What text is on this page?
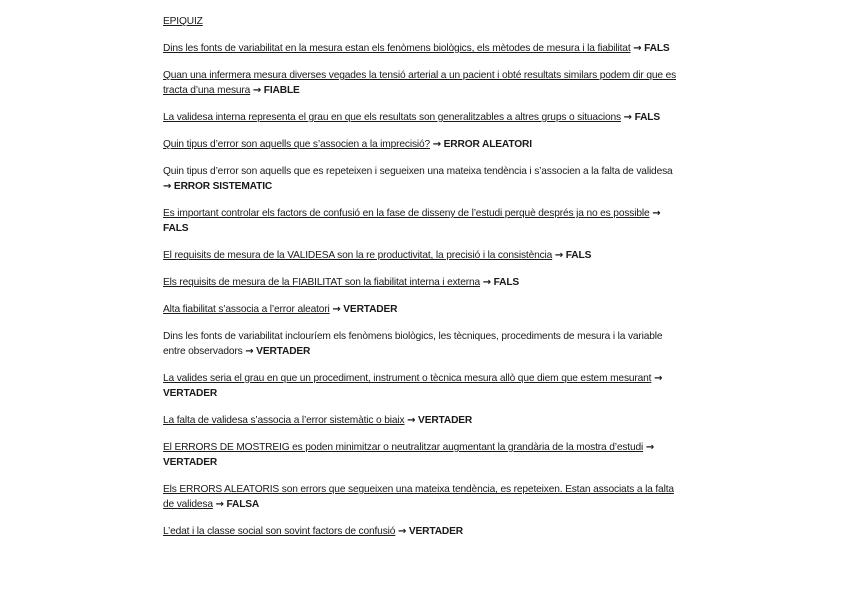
EPIQUIZ
Dins les fonts de variabilitat en la mesura estan els fenòmens biològics, els mètodes de mesura i la fiabilitat → FALS
Quan una infermera mesura diverses vegades la tensió arterial a un pacient i obté resultats similars podem dir que es tracta d’una mesura → FIABLE
La validesa interna representa el grau en que els resultats son generalitzables a altres grups o situacions → FALS
Quin tipus d’error son aquells que s’associen a la imprecisió? → ERROR ALEATORI
Quin tipus d’error son aquells que es repeteixen i segueixen una mateixa tendència i s’associen a la falta de validesa → ERROR SISTEMATIC
Es important controlar els factors de confusió en la fase de disseny de l’estudi perquè després ja no es possible → FALS
El requisits de mesura de la VALIDESA son la re productivitat, la precisió i la consistència → FALS
Els requisits de mesura de la FIABILITAT son la fiabilitat interna i externa → FALS
Alta fiabilitat s’associa a l’error aleatori → VERTADER
Dins les fonts de variabilitat inclouríem els fenòmens biològics, les tècniques, procediments de mesura i la variable entre observadors → VERTADER
La valides seria el grau en que un procediment, instrument o tècnica mesura allò que diem que estem mesurant → VERTADER
La falta de validesa s’associa a l’error sistemàtic o biaix → VERTADER
El ERRORS DE MOSTREIG es poden minimitzar o neutralitzar augmentant la grandària de la mostra d’estudi → VERTADER
Els ERRORS ALEATORIS son errors que segueixen una mateixa tendència, es repeteixen. Estan associats a la falta de validesa → FALSA
L’edat i la classe social son sovint factors de confusió → VERTADER
